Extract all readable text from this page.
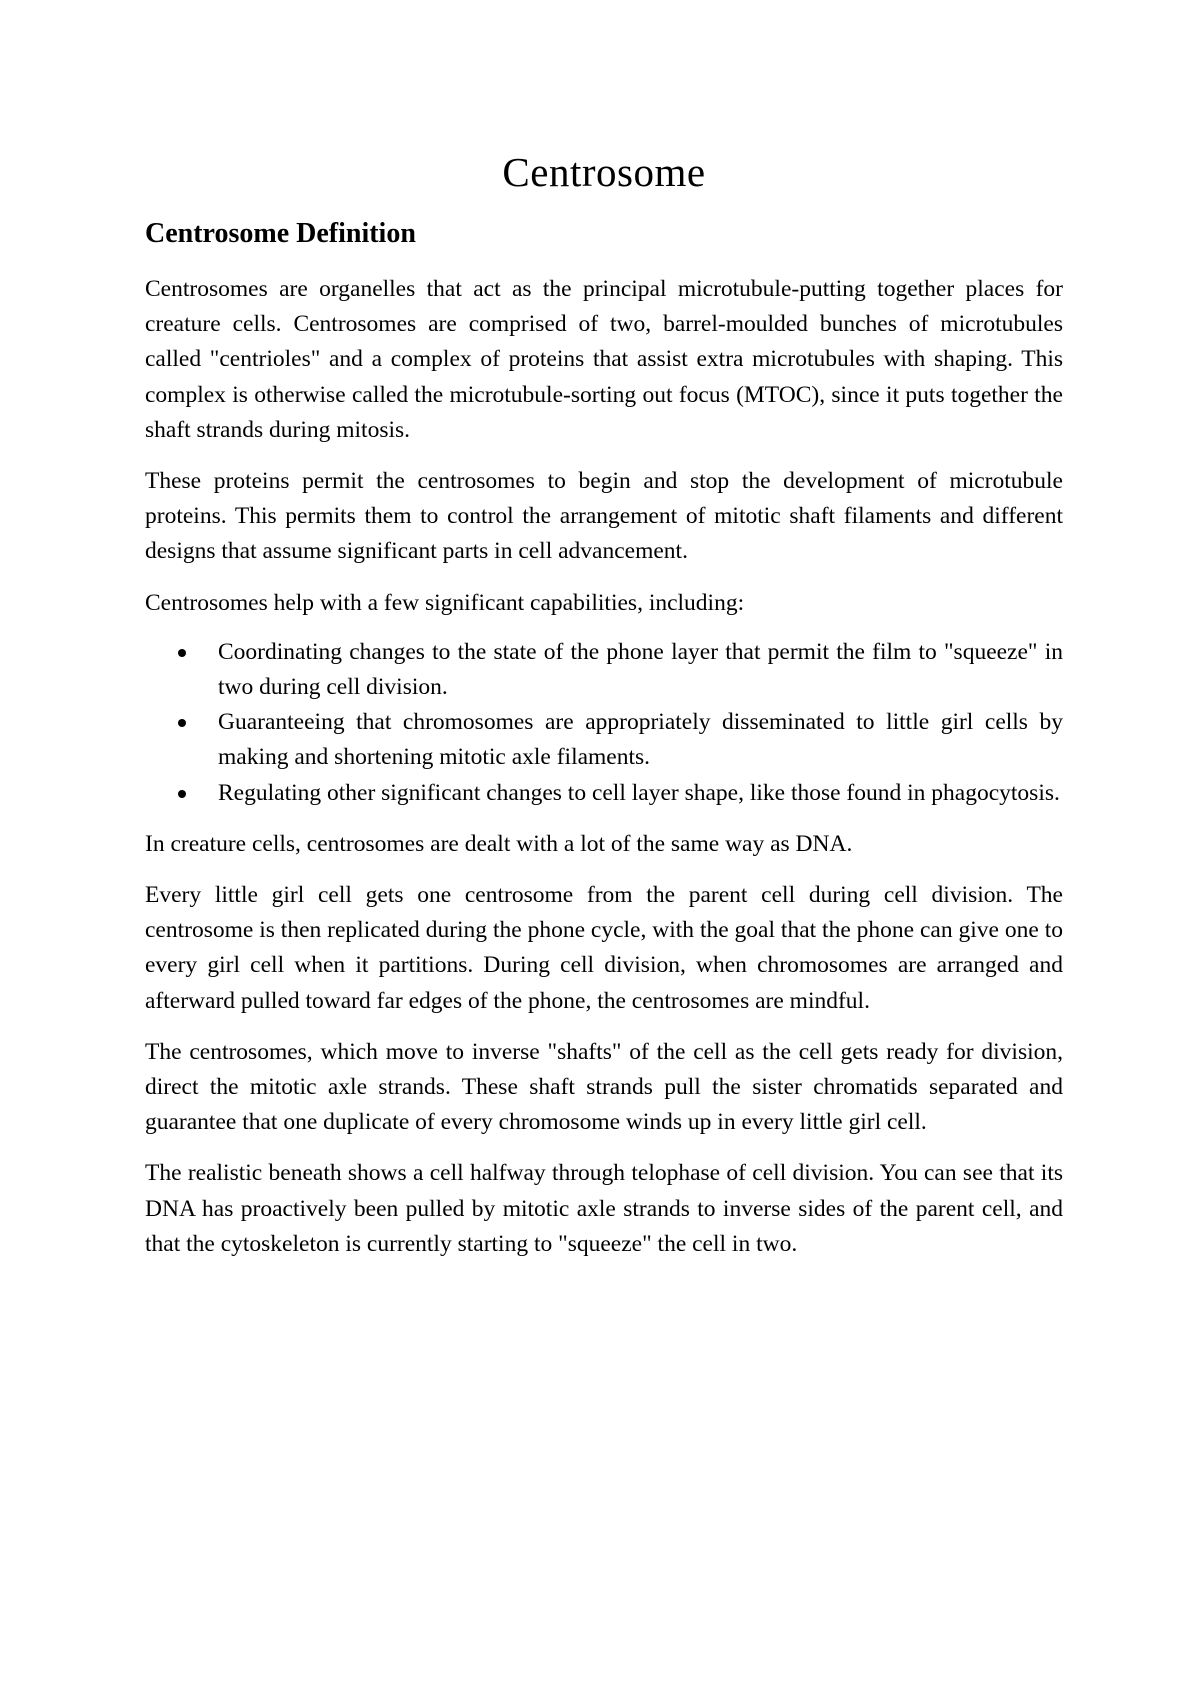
Centrosome
Centrosome Definition

Centrosomes are organelles that act as the principal microtubule-putting together places for creature cells. Centrosomes are comprised of two, barrel-moulded bunches of microtubules called "centrioles" and a complex of proteins that assist extra microtubules with shaping. This complex is otherwise called the microtubule-sorting out focus (MTOC), since it puts together the shaft strands during mitosis.

These proteins permit the centrosomes to begin and stop the development of microtubule proteins. This permits them to control the arrangement of mitotic shaft filaments and different designs that assume significant parts in cell advancement.

Centrosomes help with a few significant capabilities, including:

Coordinating changes to the state of the phone layer that permit the film to "squeeze" in two during cell division.
Guaranteeing that chromosomes are appropriately disseminated to little girl cells by making and shortening mitotic axle filaments.
Regulating other significant changes to cell layer shape, like those found in phagocytosis.

In creature cells, centrosomes are dealt with a lot of the same way as DNA.

Every little girl cell gets one centrosome from the parent cell during cell division. The centrosome is then replicated during the phone cycle, with the goal that the phone can give one to every girl cell when it partitions. During cell division, when chromosomes are arranged and afterward pulled toward far edges of the phone, the centrosomes are mindful.

The centrosomes, which move to inverse "shafts" of the cell as the cell gets ready for division, direct the mitotic axle strands. These shaft strands pull the sister chromatids separated and guarantee that one duplicate of every chromosome winds up in every little girl cell.

The realistic beneath shows a cell halfway through telophase of cell division. You can see that its DNA has proactively been pulled by mitotic axle strands to inverse sides of the parent cell, and that the cytoskeleton is currently starting to "squeeze" the cell in two.
